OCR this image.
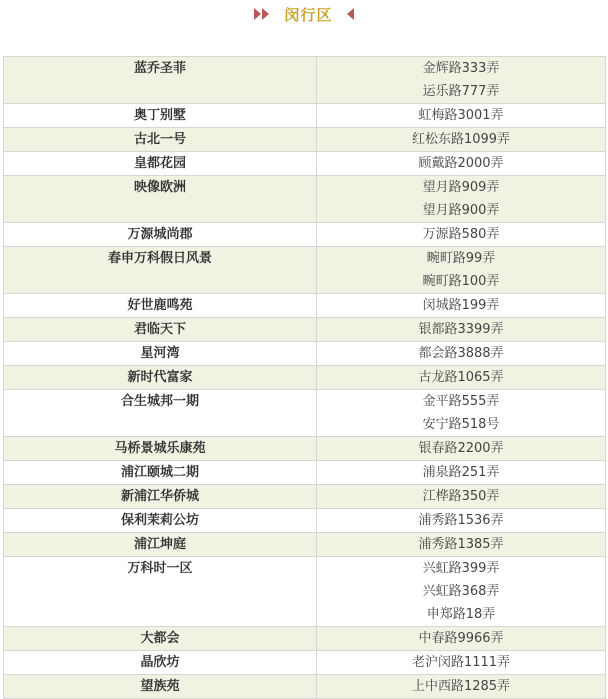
闵行区
蓝乔圣菲	金辉路333弄
运乐路777弄

奥丁别墅	虹梅路3001弄

古北一号	红松东路1099弄

皇都花园	顾戴路2000弄

映像欧洲	望月路909弄
望月路900弄

万源城尚郡	万源路580弄

春申万科假日风景	畹町路99弄
畹町路100弄

好世鹿鸣苑	闵城路199弄

君临天下	银都路3399弄

星河湾	都会路3888弄

新时代富家	古龙路1065弄

合生城邦一期	金平路555弄
安宁路518号

马桥景城乐康苑	银春路2200弄

浦江颐城二期	浦泉路251弄

新浦江华侨城	江桦路350弄

保利茉莉公坊	浦秀路1536弄

浦江坤庭	浦秀路1385弄

万科时一区	兴虹路399弄
兴虹路368弄
申郑路18弄

大都会	中春路9966弄

晶欣坊	老沪闵路1111弄

望族苑	上中西路1285弄
